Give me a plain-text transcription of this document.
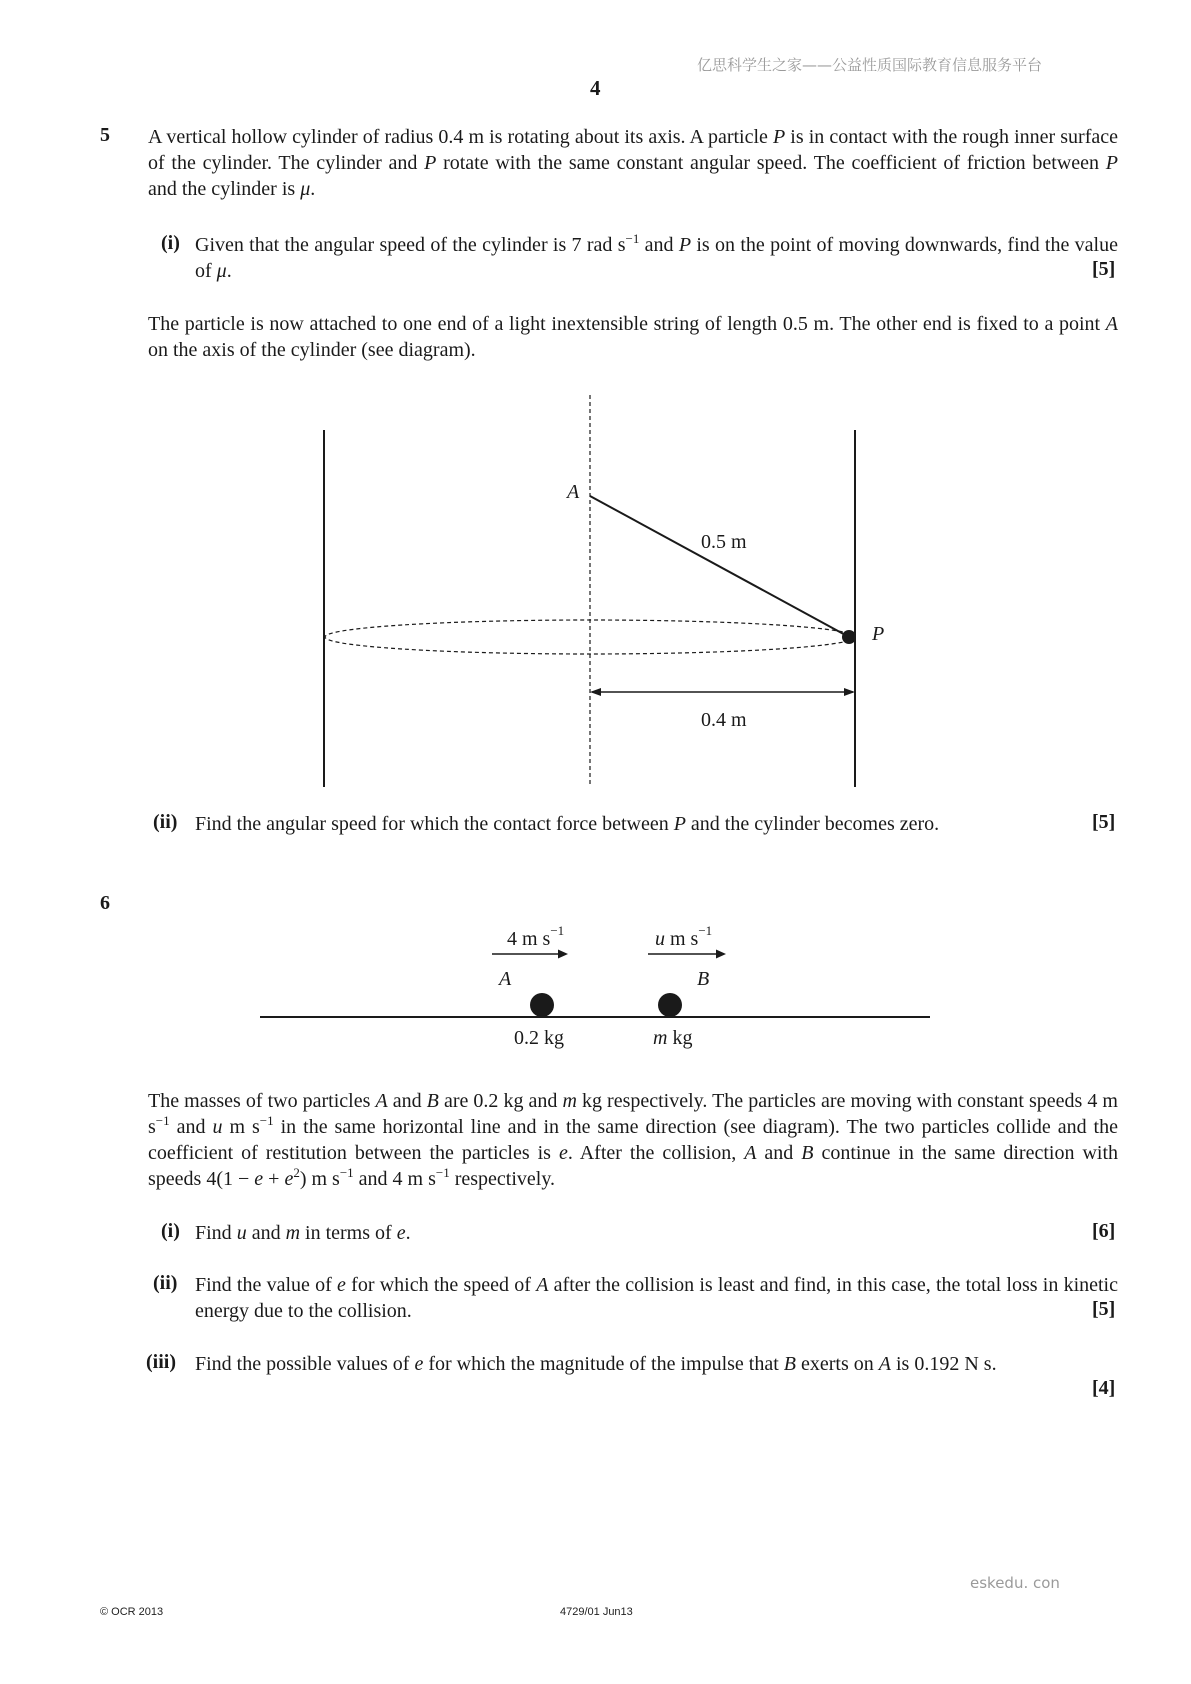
亿思科学生之家——公益性质国际教育信息服务平台
4
5 A vertical hollow cylinder of radius 0.4 m is rotating about its axis. A particle P is in contact with the rough inner surface of the cylinder. The cylinder and P rotate with the same constant angular speed. The coefficient of friction between P and the cylinder is μ.
(i) Given that the angular speed of the cylinder is 7 rad $s^{-1}$ and P is on the point of moving downwards, find the value of μ.	[5]
The particle is now attached to one end of a light inextensible string of length 0.5 m. The other end is fixed to a point A on the axis of the cylinder (see diagram).
A
P
0.5 m
0.4 m
(ii) Find the angular speed for which the contact force between P and the cylinder becomes zero.	[5]
6
4 m $s^{-1}$	u m $s^{-1}$
A	B
0.2 kg	m kg
The masses of two particles A and B are 0.2 kg and m kg respectively. The particles are moving with constant speeds 4 m $s^{-1}$ and u m $s^{-1}$ in the same horizontal line and in the same direction (see diagram). The two particles collide and the coefficient of restitution between the particles is e. After the collision, A and B continue in the same direction with speeds $4(1 - e + e^2)$ m $s^{-1}$ and 4 m $s^{-1}$ respectively.
(i) Find u and m in terms of e.	[6]
(ii) Find the value of e for which the speed of A after the collision is least and find, in this case, the total loss in kinetic energy due to the collision.	[5]
(iii) Find the possible values of e for which the magnitude of the impulse that B exerts on A is 0.192 N s.
[4]
eskedu. con
© OCR 2013	4729/01 Jun13
